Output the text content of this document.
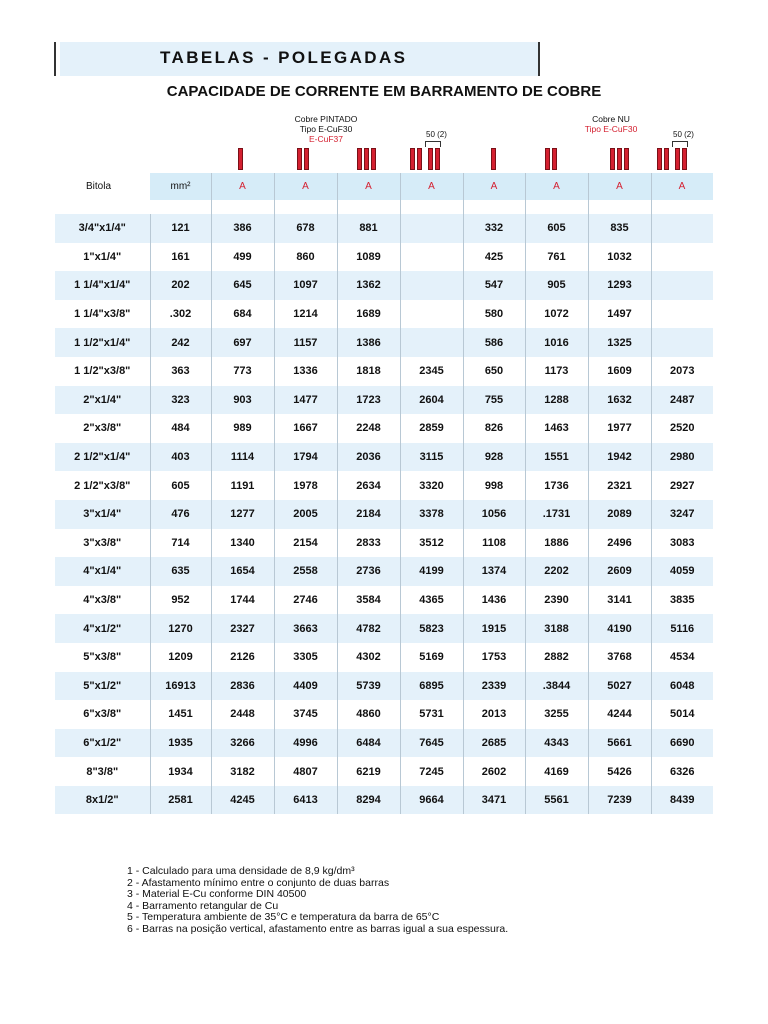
TABELAS - POLEGADAS
CAPACIDADE DE CORRENTE EM BARRAMENTO DE COBRE
Cobre PINTADO
Tipo E-CuF30
E-CuF37
Cobre NU
Tipo E-CuF30
50 (2)	50 (2)
Bitola	mm²	A	A	A	A	A	A	A	A
3/4"x1/4"	121	386	678	881		332	605	835	
1"x1/4"	161	499	860	1089		425	761	1032	
1 1/4"x1/4"	202	645	1097	1362		547	905	1293	
1 1/4"x3/8"	.302	684	1214	1689		580	1072	1497	
1 1/2"x1/4"	242	697	1157	1386		586	1016	1325	
1 1/2"x3/8"	363	773	1336	1818	2345	650	1173	1609	2073
2"x1/4"	323	903	1477	1723	2604	755	1288	1632	2487
2"x3/8"	484	989	1667	2248	2859	826	1463	1977	2520
2 1/2"x1/4"	403	1114	1794	2036	3115	928	1551	1942	2980
2 1/2"x3/8"	605	1191	1978	2634	3320	998	1736	2321	2927
3"x1/4"	476	1277	2005	2184	3378	1056	.1731	2089	3247
3"x3/8"	714	1340	2154	2833	3512	1108	1886	2496	3083
4"x1/4"	635	1654	2558	2736	4199	1374	2202	2609	4059
4"x3/8"	952	1744	2746	3584	4365	1436	2390	3141	3835
4"x1/2"	1270	2327	3663	4782	5823	1915	3188	4190	5116
5"x3/8"	1209	2126	3305	4302	5169	1753	2882	3768	4534
5"x1/2"	16913	2836	4409	5739	6895	2339	.3844	5027	6048
6"x3/8"	1451	2448	3745	4860	5731	2013	3255	4244	5014
6"x1/2"	1935	3266	4996	6484	7645	2685	4343	5661	6690
8"3/8"	1934	3182	4807	6219	7245	2602	4169	5426	6326
8x1/2"	2581	4245	6413	8294	9664	3471	5561	7239	8439
1 - Calculado para uma densidade de 8,9 kg/dm³
2 - Afastamento mínimo entre o conjunto de duas barras
3 - Material E-Cu conforme DIN 40500
4 - Barramento retangular de Cu
5 - Temperatura ambiente de 35°C e temperatura da barra de 65°C
6 - Barras na posição vertical, afastamento entre as barras igual a sua espessura.
